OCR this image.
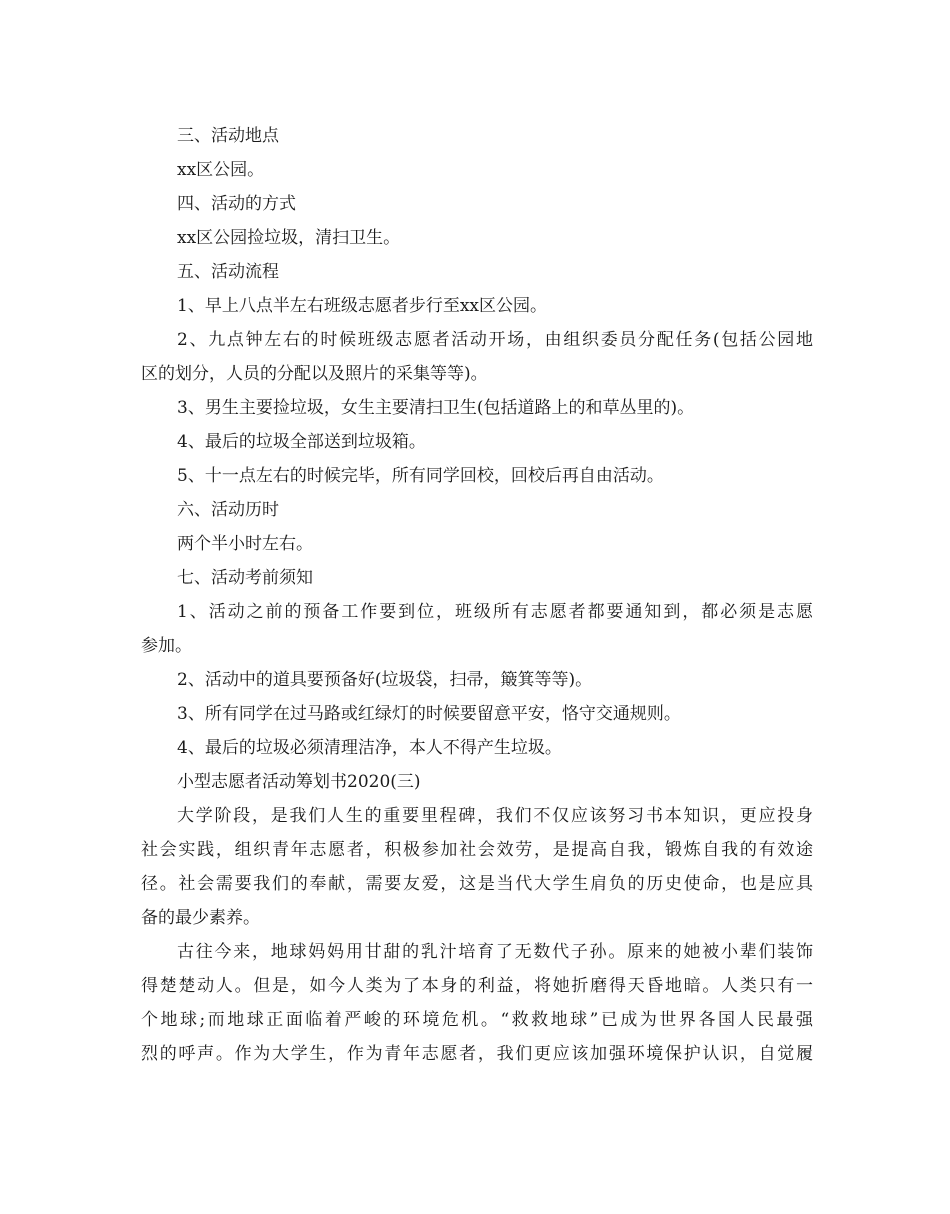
三、活动地点
xx区公园。
四、活动的方式
xx区公园捡垃圾，清扫卫生。
五、活动流程
1、早上八点半左右班级志愿者步行至xx区公园。
2、九点钟左右的时候班级志愿者活动开场，由组织委员分配任务(包括公园地
区的划分，人员的分配以及照片的采集等等)。
3、男生主要捡垃圾，女生主要清扫卫生(包括道路上的和草丛里的)。
4、最后的垃圾全部送到垃圾箱。
5、十一点左右的时候完毕，所有同学回校，回校后再自由活动。
六、活动历时
两个半小时左右。
七、活动考前须知
1、活动之前的预备工作要到位，班级所有志愿者都要通知到，都必须是志愿
参加。
2、活动中的道具要预备好(垃圾袋，扫帚，簸箕等等)。
3、所有同学在过马路或红绿灯的时候要留意平安，恪守交通规则。
4、最后的垃圾必须清理洁净，本人不得产生垃圾。
小型志愿者活动筹划书2020(三)
大学阶段，是我们人生的重要里程碑，我们不仅应该努习书本知识，更应投身
社会实践，组织青年志愿者，积极参加社会效劳，是提高自我，锻炼自我的有效途
径。社会需要我们的奉献，需要友爱，这是当代大学生肩负的历史使命，也是应具
备的最少素养。
古往今来，地球妈妈用甘甜的乳汁培育了无数代子孙。原来的她被小辈们装饰
得楚楚动人。但是，如今人类为了本身的利益，将她折磨得天昏地暗。人类只有一
个地球;而地球正面临着严峻的环境危机。“救救地球”已成为世界各国人民最强
烈的呼声。作为大学生，作为青年志愿者，我们更应该加强环境保护认识，自觉履
